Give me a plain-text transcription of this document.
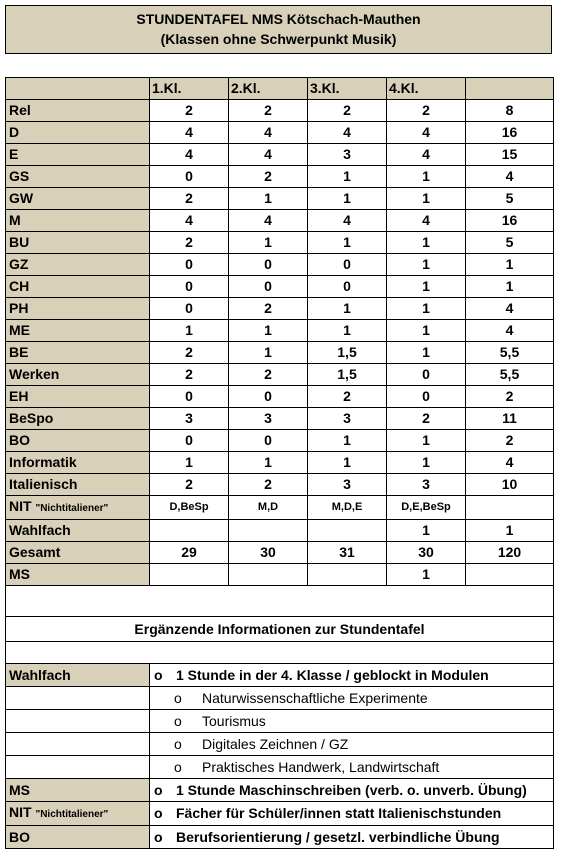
STUNDENTAFEL NMS Kötschach-Mauthen
(Klassen ohne Schwerpunkt Musik)
	1.Kl.	2.Kl.	3.Kl.	4.Kl.	
Rel	2	2	2	2	8
D	4	4	4	4	16
E	4	4	3	4	15
GS	0	2	1	1	4
GW	2	1	1	1	5
M	4	4	4	4	16
BU	2	1	1	1	5
GZ	0	0	0	1	1
CH	0	0	0	1	1
PH	0	2	1	1	4
ME	1	1	1	1	4
BE	2	1	1,5	1	5,5
Werken	2	2	1,5	0	5,5
EH	0	0	2	0	2
BeSpo	3	3	3	2	11
BO	0	0	1	1	2
Informatik	1	1	1	1	4
Italienisch	2	2	3	3	10
NIT "Nichtitaliener"	D,BeSp	M,D	M,D,E	D,E,BeSp	
Wahlfach				1	1
Gesamt	29	30	31	30	120
MS				1	

Ergänzende Informationen zur Stundentafel					

Wahlfach	o 1 Stunde in der 4. Klasse / geblockt in Modulen				
	o Naturwissenschaftliche Experimente				
	o Tourismus				
	o Digitales Zeichnen / GZ				
	o Praktisches Handwerk, Landwirtschaft				
MS	o 1 Stunde Maschinschreiben (verb. o. unverb. Übung)				
NIT "Nichtitaliener"	o Fächer für Schüler/innen statt Italienischstunden				
BO	o Berufsorientierung / gesetzl. verbindliche Übung				
